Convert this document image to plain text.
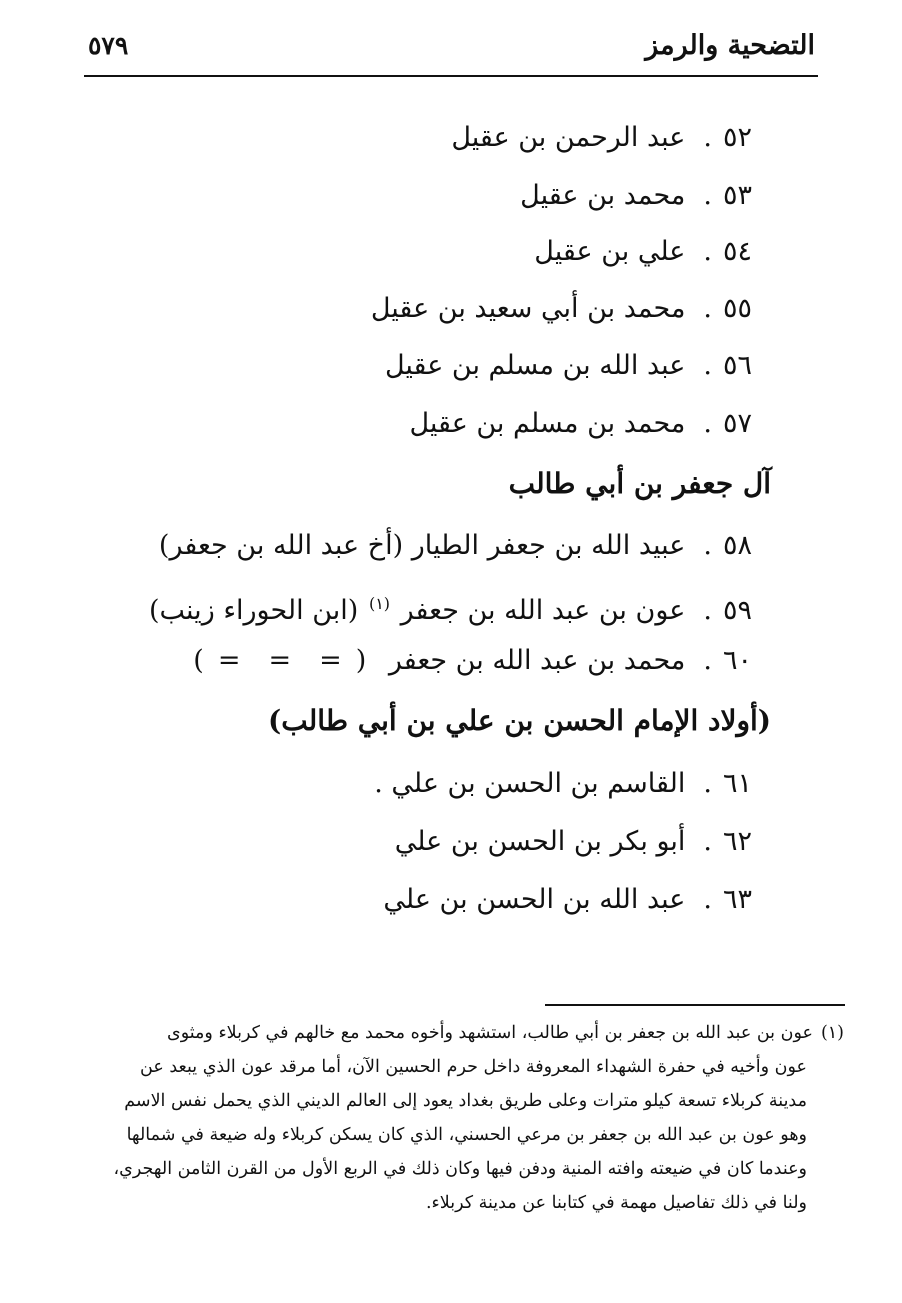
التضحية والرمز
٥٧٩
٥٢.عبد الرحمن بن عقيل
٥٣.محمد بن عقيل
٥٤.علي بن عقيل
٥٥.محمد بن أبي سعيد بن عقيل
٥٦.عبد الله بن مسلم بن عقيل
٥٧.محمد بن مسلم بن عقيل
آل جعفر بن أبي طالب
٥٨.عبيد الله بن جعفر الطيار (أخ عبد الله بن جعفر)
٥٩.عون بن عبد الله بن جعفر $^{(١)}$ (ابن الحوراء زينب)
٦٠.محمد بن عبد الله بن جعفر (===)
(أولاد الإمام الحسن بن علي بن أبي طالب)
٦١.القاسم بن الحسن بن علي .
٦٢.أبو بكر بن الحسن بن علي
٦٣.عبد الله بن الحسن بن علي
(١)عون بن عبد الله بن جعفر بن أبي طالب، استشهد وأخوه محمد مع خالهم في كربلاء ومثوى
عون وأخيه في حفرة الشهداء المعروفة داخل حرم الحسين الآن، أما مرقد عون الذي يبعد عن
مدينة كربلاء تسعة كيلو مترات وعلى طريق بغداد يعود إلى العالم الديني الذي يحمل نفس الاسم
وهو عون بن عبد الله بن جعفر بن مرعي الحسني، الذي كان يسكن كربلاء وله ضيعة في شمالها
وعندما كان في ضيعته وافته المنية ودفن فيها وكان ذلك في الربع الأول من القرن الثامن الهجري،
ولنا في ذلك تفاصيل مهمة في كتابنا عن مدينة كربلاء.
